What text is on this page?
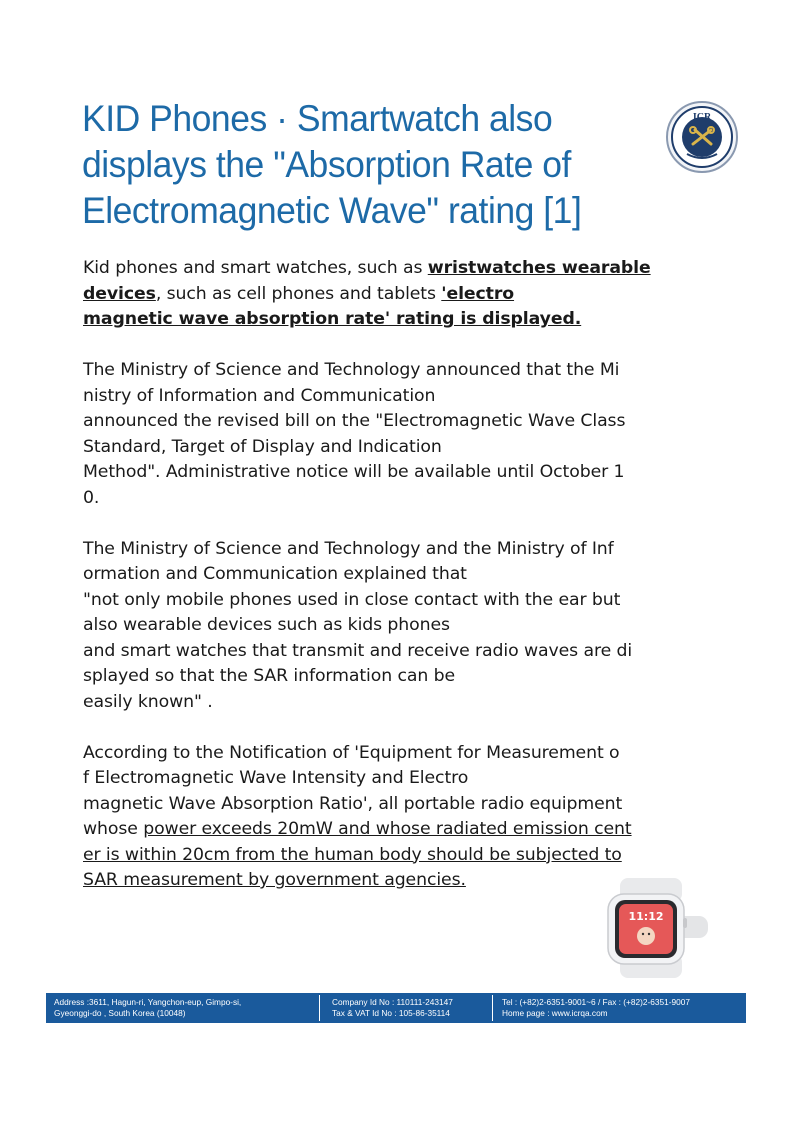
KID Phones · Smartwatch also
displays the "Absorption Rate of
Electromagnetic Wave" rating [1]
ICR

Kid phones and smart watches, such as wristwatches wearable
devices, such as cell phones and tablets 'electro
magnetic wave absorption rate' rating is displayed.

The Ministry of Science and Technology announced that the Mi
nistry of Information and Communication
announced the revised bill on the "Electromagnetic Wave Class
Standard, Target of Display and Indication
Method". Administrative notice will be available until October 1
0.

The Ministry of Science and Technology and the Ministry of Inf
ormation and Communication explained that
"not only mobile phones used in close contact with the ear but
also wearable devices such as kids phones
and smart watches that transmit and receive radio waves are di
splayed so that the SAR information can be
easily known" .

According to the Notification of 'Equipment for Measurement o
f Electromagnetic Wave Intensity and Electro
magnetic Wave Absorption Ratio', all portable radio equipment
whose power exceeds 20mW and whose radiated emission cent
er is within 20cm from the human body should be subjected to
SAR measurement by government agencies.

11:12
Address :3611, Hagun-ri, Yangchon-eup, Gimpo-si,
Gyeonggi-do , South Korea (10048)
Company Id No : 110111-243147
Tax & VAT Id No : 105-86-35114
Tel : (+82)2-6351-9001~6 / Fax : (+82)2-6351-9007
Home page : www.icrqa.com
